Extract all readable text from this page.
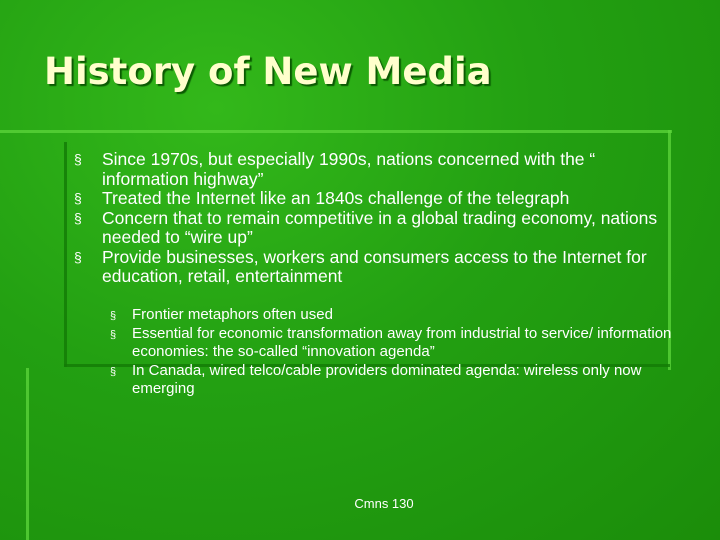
History of New Media
§ Since 1970s, but especially 1990s, nations concerned with the “ information highway”
§ Treated the Internet like an 1840s challenge of the telegraph
§ Concern that to remain competitive in a global trading economy, nations needed to “wire up”
§ Provide businesses, workers and consumers access to the Internet for education, retail, entertainment
§ Frontier metaphors often used
§ Essential for economic transformation away from industrial to service/ information economies: the so-called “innovation agenda”
§ In Canada, wired telco/cable providers dominated agenda: wireless only now emerging
Cmns 130
